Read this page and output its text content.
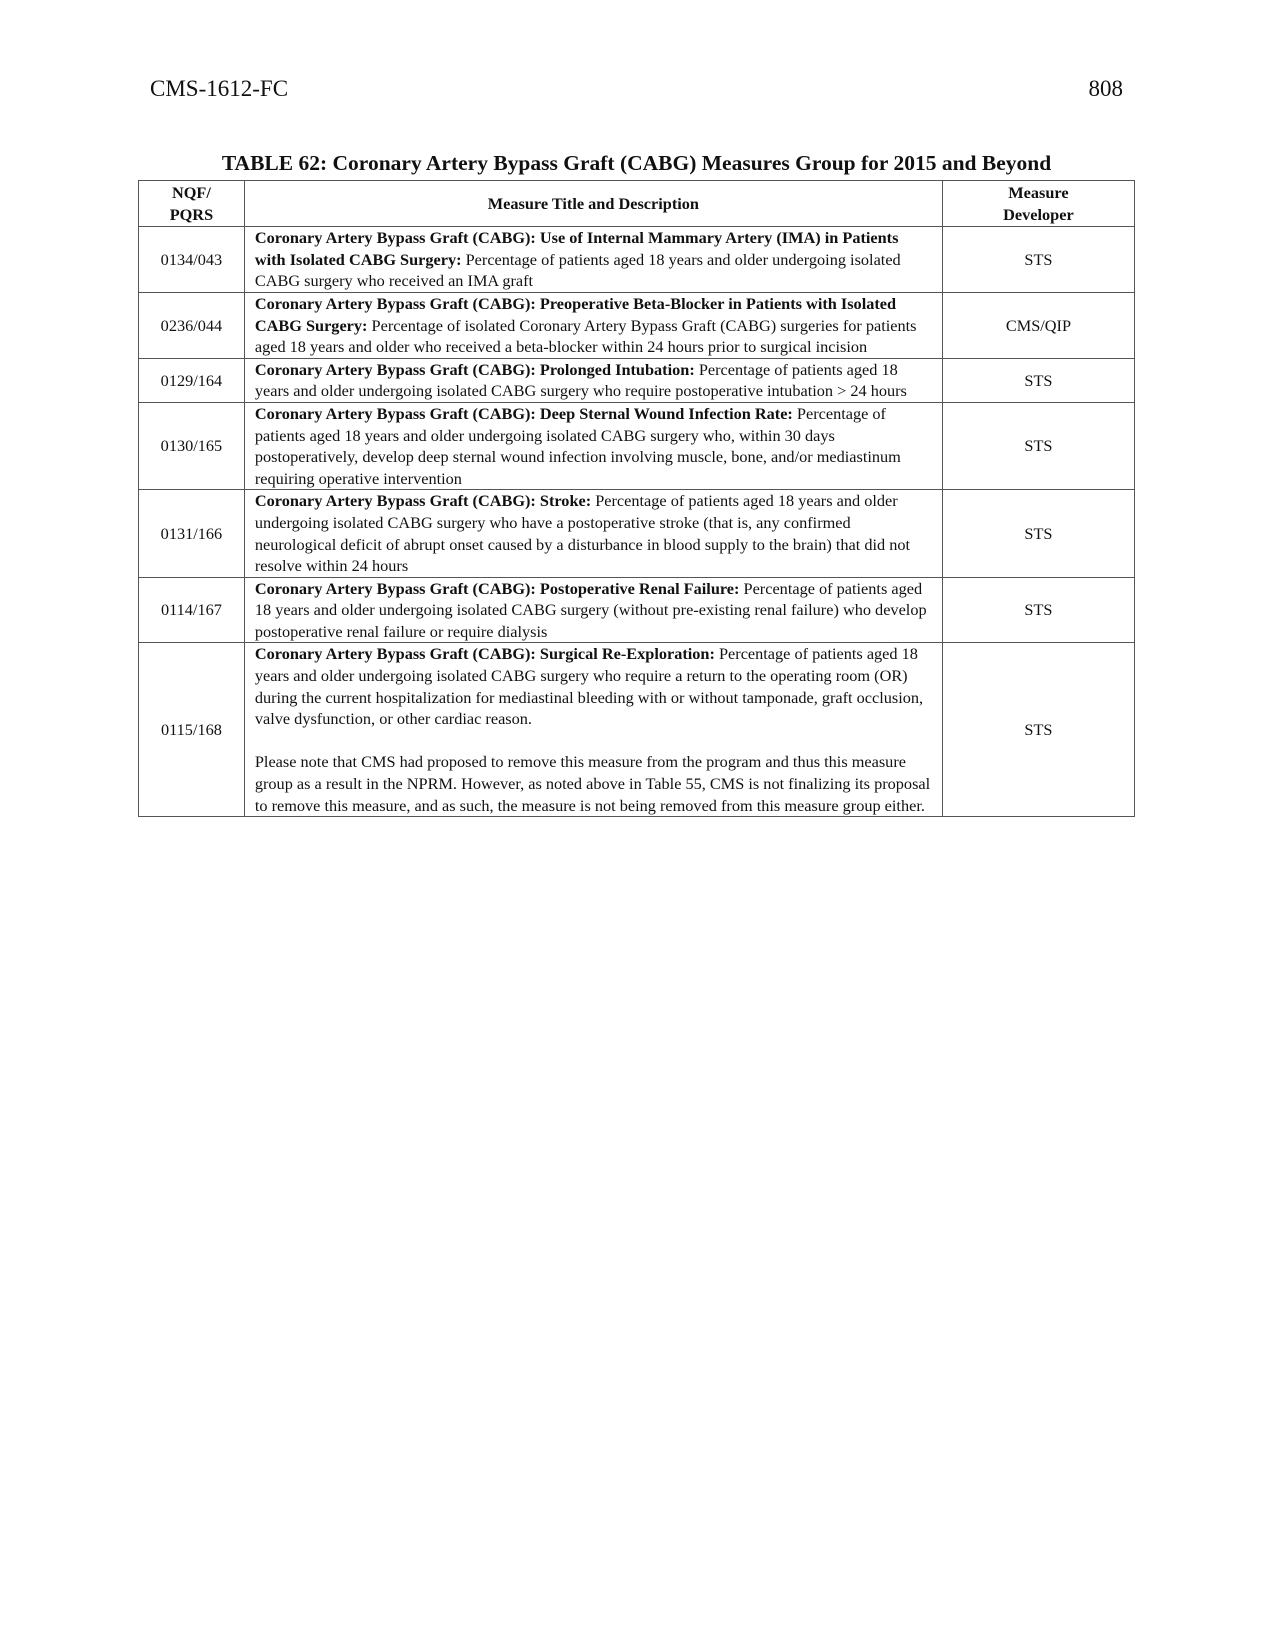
CMS-1612-FC	808
TABLE 62: Coronary Artery Bypass Graft (CABG) Measures Group for 2015 and Beyond
NQF/
PQRS	Measure Title and Description	Measure
Developer
0134/043	Coronary Artery Bypass Graft (CABG): Use of Internal Mammary Artery (IMA) in Patients with Isolated CABG Surgery: Percentage of patients aged 18 years and older undergoing isolated CABG surgery who received an IMA graft	STS
0236/044	Coronary Artery Bypass Graft (CABG): Preoperative Beta-Blocker in Patients with Isolated CABG Surgery: Percentage of isolated Coronary Artery Bypass Graft (CABG) surgeries for patients aged 18 years and older who received a beta-blocker within 24 hours prior to surgical incision	CMS/QIP
0129/164	Coronary Artery Bypass Graft (CABG): Prolonged Intubation: Percentage of patients aged 18 years and older undergoing isolated CABG surgery who require postoperative intubation > 24 hours	STS
0130/165	Coronary Artery Bypass Graft (CABG): Deep Sternal Wound Infection Rate: Percentage of patients aged 18 years and older undergoing isolated CABG surgery who, within 30 days postoperatively, develop deep sternal wound infection involving muscle, bone, and/or mediastinum requiring operative intervention	STS
0131/166	Coronary Artery Bypass Graft (CABG): Stroke: Percentage of patients aged 18 years and older undergoing isolated CABG surgery who have a postoperative stroke (that is, any confirmed neurological deficit of abrupt onset caused by a disturbance in blood supply to the brain) that did not resolve within 24 hours	STS
0114/167	Coronary Artery Bypass Graft (CABG): Postoperative Renal Failure: Percentage of patients aged 18 years and older undergoing isolated CABG surgery (without pre-existing renal failure) who develop postoperative renal failure or require dialysis	STS
0115/168	Coronary Artery Bypass Graft (CABG): Surgical Re-Exploration: Percentage of patients aged 18 years and older undergoing isolated CABG surgery who require a return to the operating room (OR) during the current hospitalization for mediastinal bleeding with or without tamponade, graft occlusion, valve dysfunction, or other cardiac reason.
Please note that CMS had proposed to remove this measure from the program and thus this measure group as a result in the NPRM. However, as noted above in Table 55, CMS is not finalizing its proposal to remove this measure, and as such, the measure is not being removed from this measure group either.	STS
